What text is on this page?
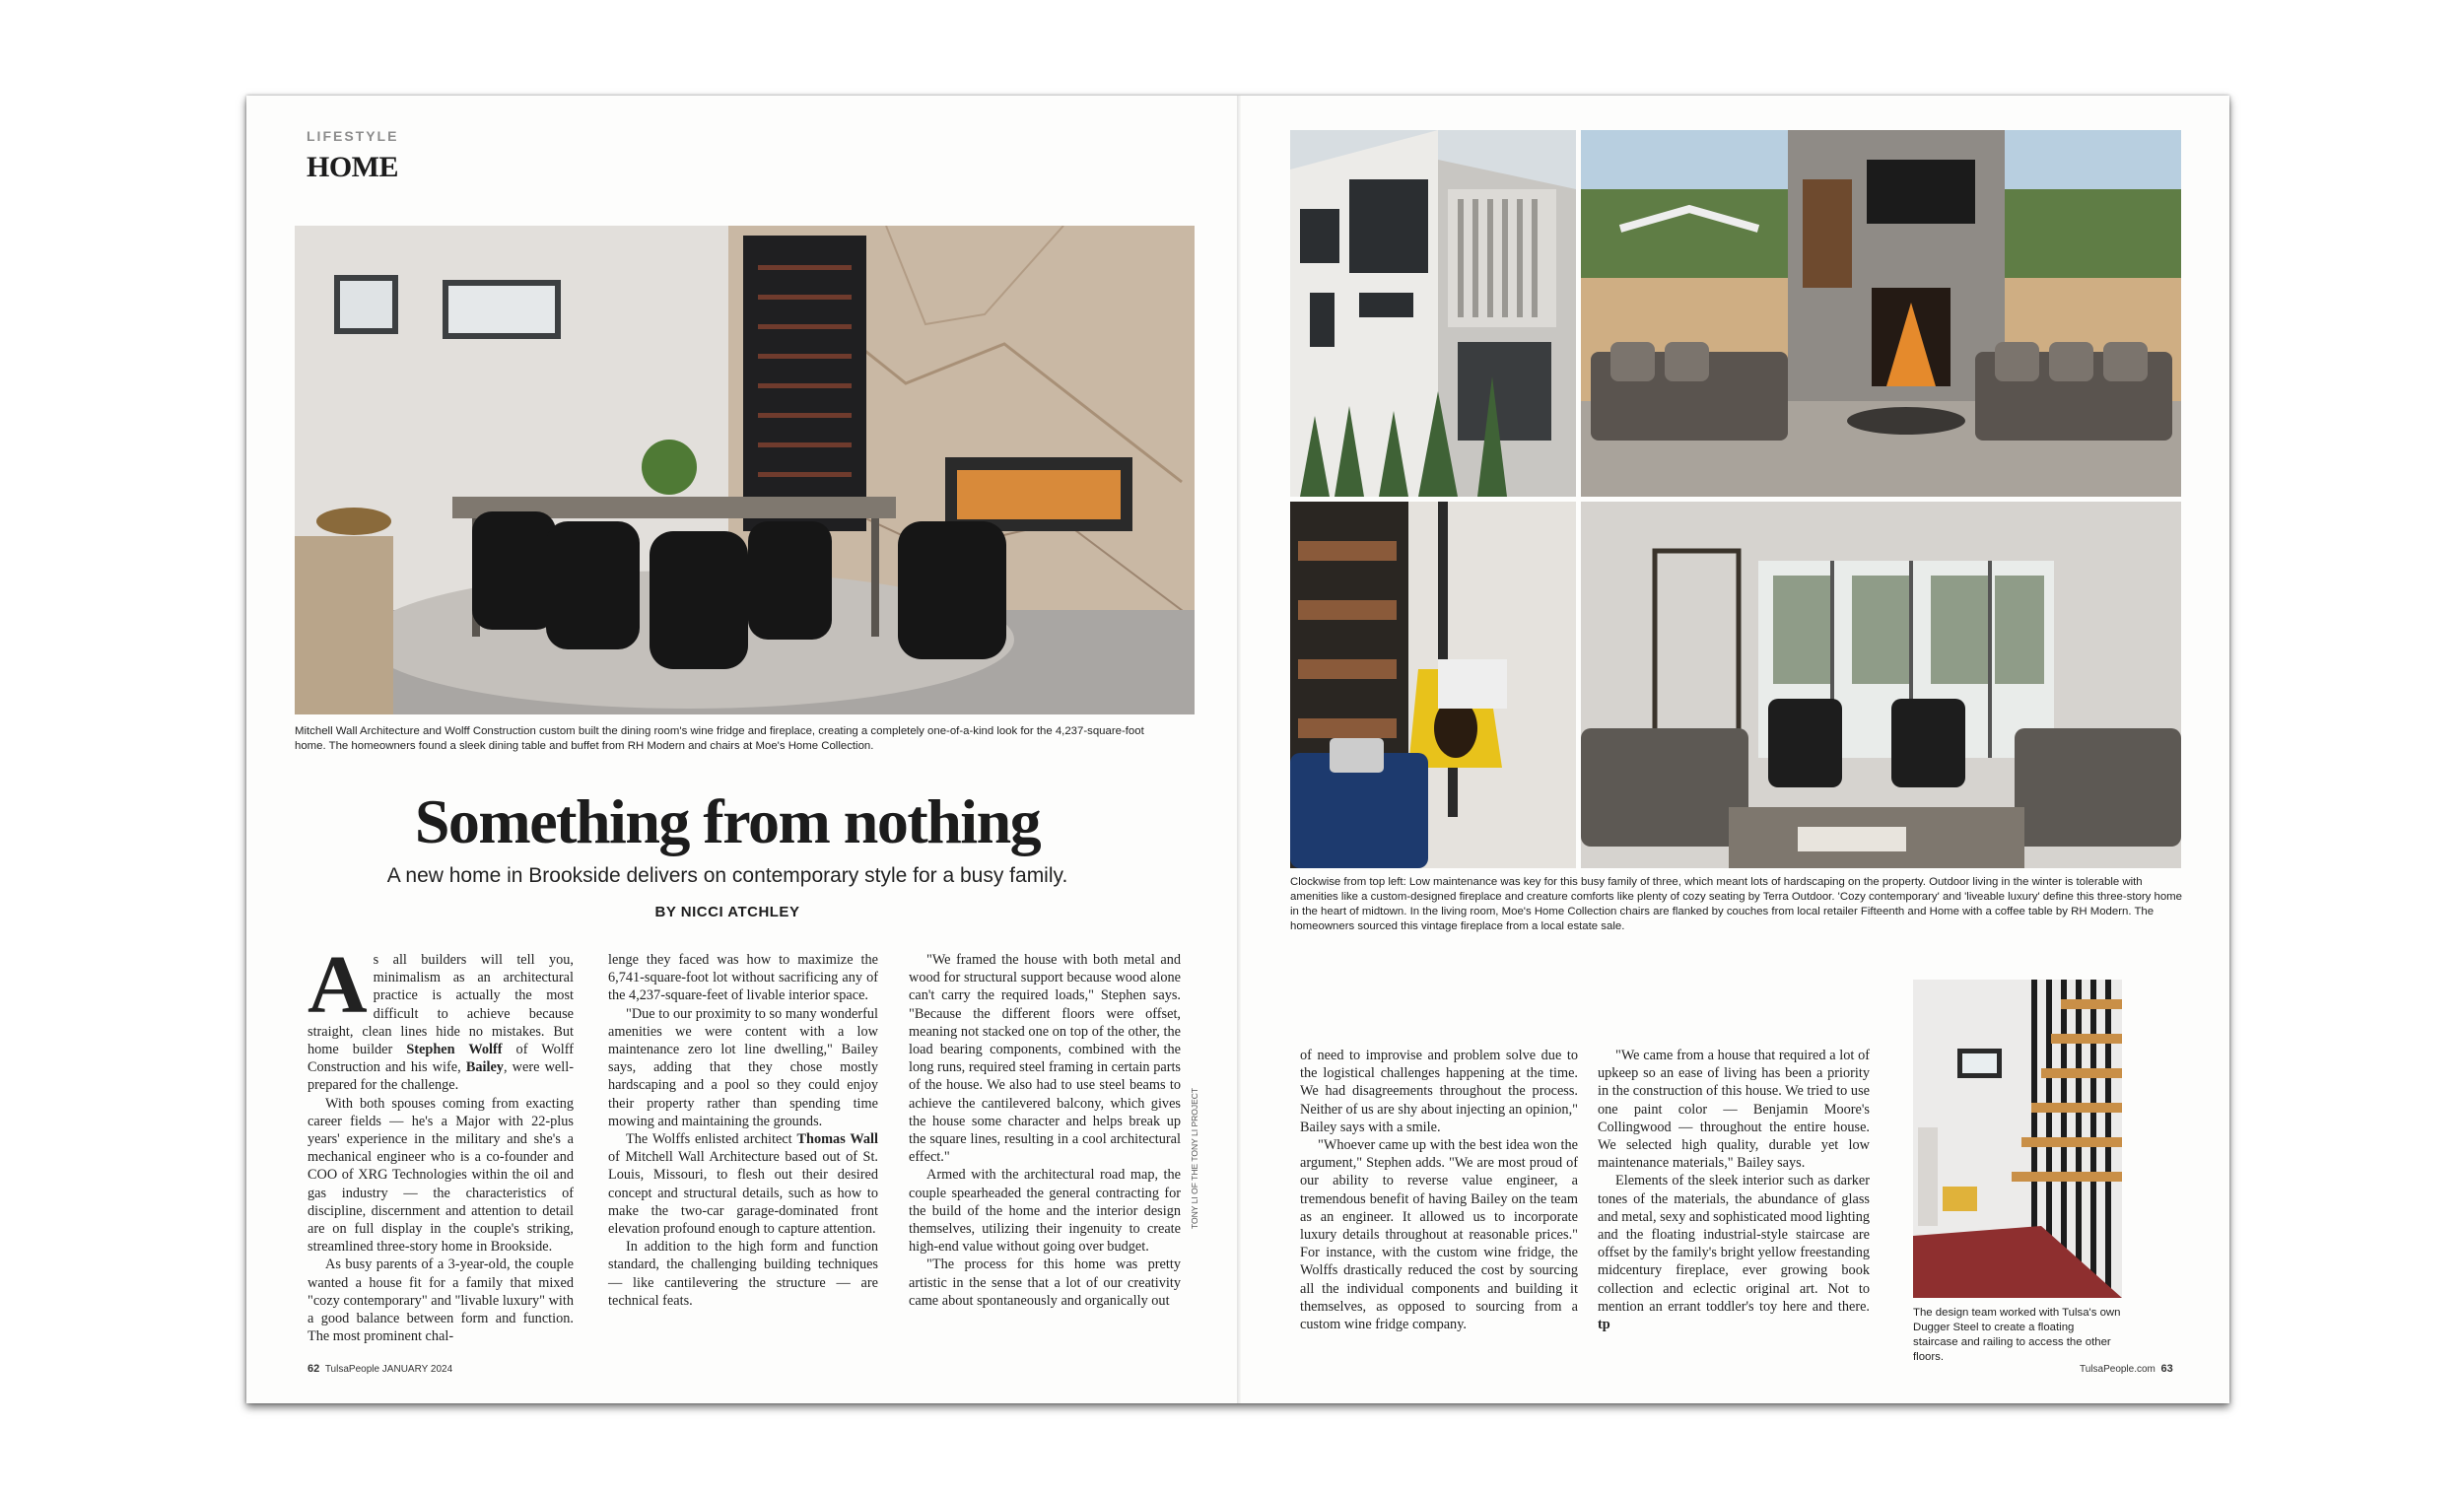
LIFESTYLE
HOME
Mitchell Wall Architecture and Wolff Construction custom built the dining room's wine fridge and fireplace, creating a completely one-of-a-kind look for the 4,237-square-foot home. The homeowners found a sleek dining table and buffet from RH Modern and chairs at Moe's Home Collection.
Something from nothing
A new home in Brookside delivers on contemporary style for a busy family.
BY NICCI ATCHLEY

As all builders will tell you, minimalism as an architectural practice is actually the most difficult to achieve because straight, clean lines hide no mistakes. But home builder Stephen Wolff of Wolff Construction and his wife, Bailey, were well-prepared for the challenge.

With both spouses coming from exacting career fields — he's a Major with 22-plus years' experience in the military and she's a mechanical engineer who is a co-founder and COO of XRG Technologies within the oil and gas industry — the characteristics of discipline, discernment and attention to detail are on full display in the couple's striking, streamlined three-story home in Brookside.

As busy parents of a 3-year-old, the couple wanted a house fit for a family that mixed "cozy contemporary" and "livable luxury" with a good balance between form and function. The most prominent chal-

lenge they faced was how to maximize the 6,741-square-foot lot without sacrificing any of the 4,237-square-feet of livable interior space.

"Due to our proximity to so many wonderful amenities we were content with a low maintenance zero lot line dwelling," Bailey says, adding that they chose mostly hardscaping and a pool so they could enjoy their property rather than spending time mowing and maintaining the grounds.

The Wolffs enlisted architect Thomas Wall of Mitchell Wall Architecture based out of St. Louis, Missouri, to flesh out their desired concept and structural details, such as how to make the two-car garage-dominated front elevation profound enough to capture attention.

In addition to the high form and function standard, the challenging building techniques — like cantilevering the structure — are technical feats.

"We framed the house with both metal and wood for structural support because wood alone can't carry the required loads," Stephen says. "Because the different floors were offset, meaning not stacked one on top of the other, the load bearing components, combined with the long runs, required steel framing in certain parts of the house. We also had to use steel beams to achieve the cantilevered balcony, which gives the house some character and helps break up the square lines, resulting in a cool architectural effect."

Armed with the architectural road map, the couple spearheaded the general contracting for the build of the home and the interior design themselves, utilizing their ingenuity to create high-end value without going over budget.

"The process for this home was pretty artistic in the sense that a lot of our creativity came about spontaneously and organically out

TONY LI OF THE TONY LI PROJECT
62 TulsaPeople JANUARY 2024
Clockwise from top left: Low maintenance was key for this busy family of three, which meant lots of hardscaping on the property. Outdoor living in the winter is tolerable with amenities like a custom-designed fireplace and creature comforts like plenty of cozy seating by Terra Outdoor. 'Cozy contemporary' and 'liveable luxury' define this three-story home in the heart of midtown. In the living room, Moe's Home Collection chairs are flanked by couches from local retailer Fifteenth and Home with a coffee table by RH Modern. The homeowners sourced this vintage fireplace from a local estate sale.

of need to improvise and problem solve due to the logistical challenges happening at the time. We had disagreements throughout the process. Neither of us are shy about injecting an opinion," Bailey says with a smile.

"Whoever came up with the best idea won the argument," Stephen adds. "We are most proud of our ability to reverse value engineer, a tremendous benefit of having Bailey on the team as an engineer. It allowed us to incorporate luxury details throughout at reasonable prices." For instance, with the custom wine fridge, the Wolffs drastically reduced the cost by sourcing all the individual components and building it themselves, as opposed to sourcing from a custom wine fridge company.

"We came from a house that required a lot of upkeep so an ease of living has been a priority in the construction of this house. We tried to use one paint color — Benjamin Moore's Collingwood — throughout the entire house. We selected high quality, durable yet low maintenance materials," Bailey says.

Elements of the sleek interior such as darker tones of the materials, the abundance of glass and metal, sexy and sophisticated mood lighting and the floating industrial-style staircase are offset by the family's bright yellow freestanding midcentury fireplace, ever growing book collection and eclectic original art. Not to mention an errant toddler's toy here and there. tp

The design team worked with Tulsa's own Dugger Steel to create a floating staircase and railing to access the other floors.
TulsaPeople.com 63
